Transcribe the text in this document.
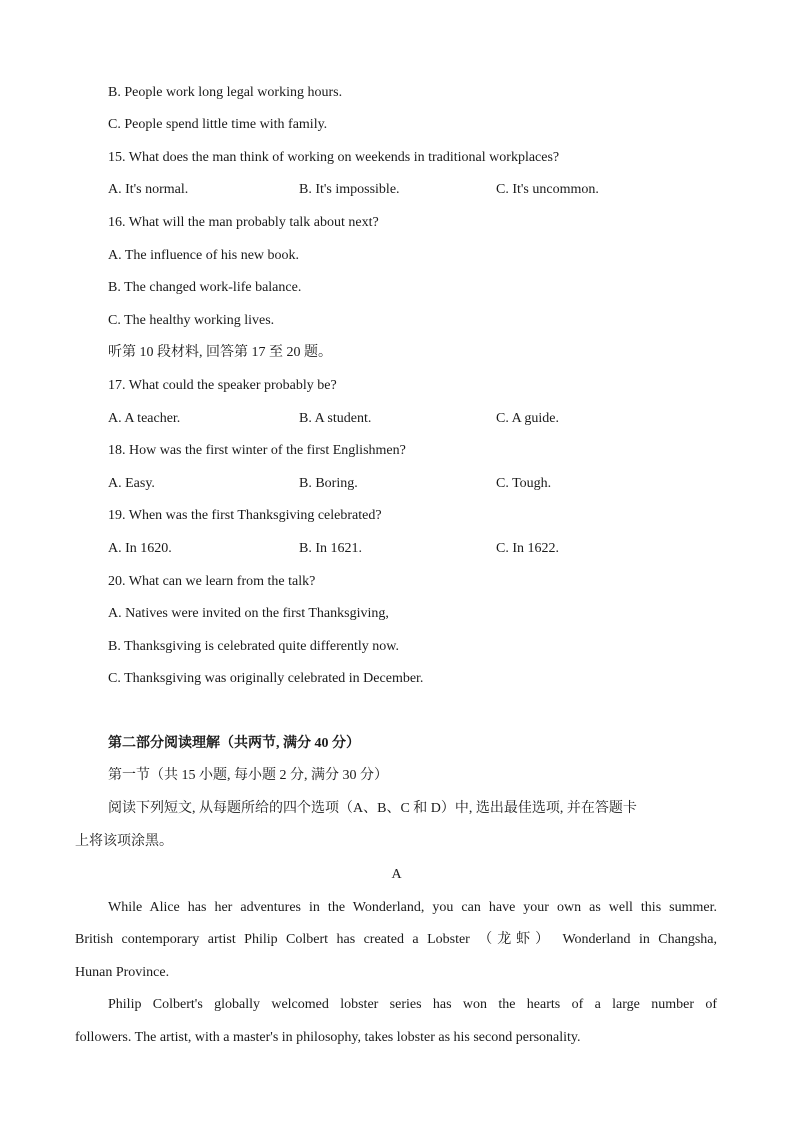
B. People work long legal working hours.
C. People spend little time with family.
15. What does the man think of working on weekends in traditional workplaces?
A. It's normal.	B. It's impossible.	C. It's uncommon.
16. What will the man probably talk about next?
A. The influence of his new book.
B. The changed work-life balance.
C. The healthy working lives.
听第 10 段材料, 回答第 17 至 20 题。
17. What could the speaker probably be?
A. A teacher.	B. A student.	C. A guide.
18. How was the first winter of the first Englishmen?
A. Easy.	B. Boring.	C. Tough.
19. When was the first Thanksgiving celebrated?
A. In 1620.	B. In 1621.	C. In 1622.
20. What can we learn from the talk?
A. Natives were invited on the first Thanksgiving,
B. Thanksgiving is celebrated quite differently now.
C. Thanksgiving was originally celebrated in December.
第二部分阅读理解（共两节, 满分 40 分）
第一节（共 15 小题, 每小题 2 分, 满分 30 分）
阅读下列短文, 从每题所给的四个选项（A、B、C 和 D）中, 选出最佳选项, 并在答题卡
上将该项涂黑。
A
While Alice has her adventures in the Wonderland, you can have your own as well this summer.
British contemporary artist Philip Colbert has created a Lobster （龙虾） Wonderland in Changsha,
Hunan Province.
Philip Colbert's globally welcomed lobster series has won the hearts of a large number of
followers. The artist, with a master's in philosophy, takes lobster as his second personality.
